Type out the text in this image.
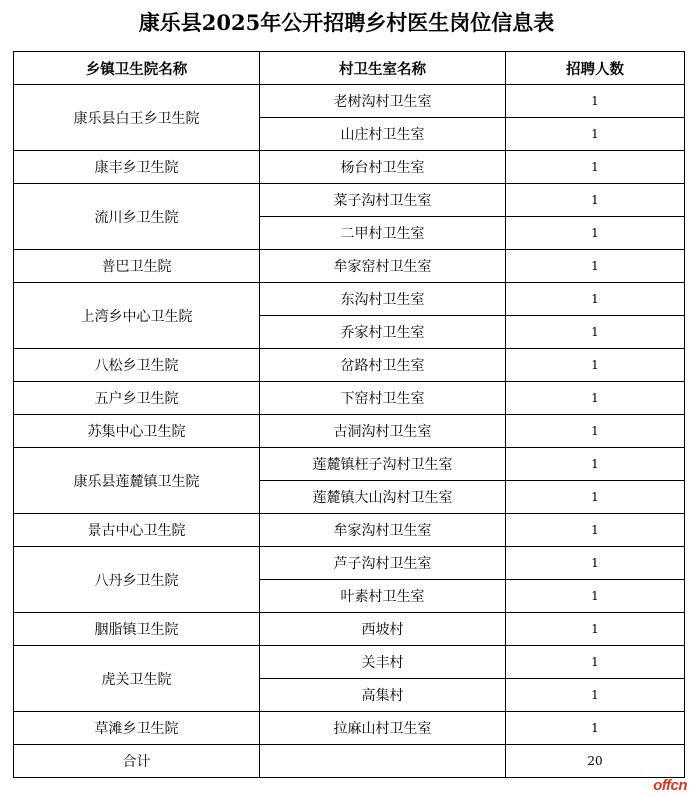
康乐县2025年公开招聘乡村医生岗位信息表
乡镇卫生院名称	村卫生室名称	招聘人数
康乐县白王乡卫生院	老树沟村卫生室	1
	山庄村卫生室	1
康丰乡卫生院	杨台村卫生室	1
流川乡卫生院	菜子沟村卫生室	1
	二甲村卫生室	1
普巴卫生院	牟家窑村卫生室	1
上湾乡中心卫生院	东沟村卫生室	1
	乔家村卫生室	1
八松乡卫生院	岔路村卫生室	1
五户乡卫生院	下窑村卫生室	1
苏集中心卫生院	古洞沟村卫生室	1
康乐县莲麓镇卫生院	莲麓镇枉子沟村卫生室	1
	莲麓镇大山沟村卫生室	1
景古中心卫生院	牟家沟村卫生室	1
八丹乡卫生院	芦子沟村卫生室	1
	叶素村卫生室	1
胭脂镇卫生院	西坡村	1
虎关卫生院	关丰村	1
	高集村	1
草滩乡卫生院	拉麻山村卫生室	1
合计		20
offcn
